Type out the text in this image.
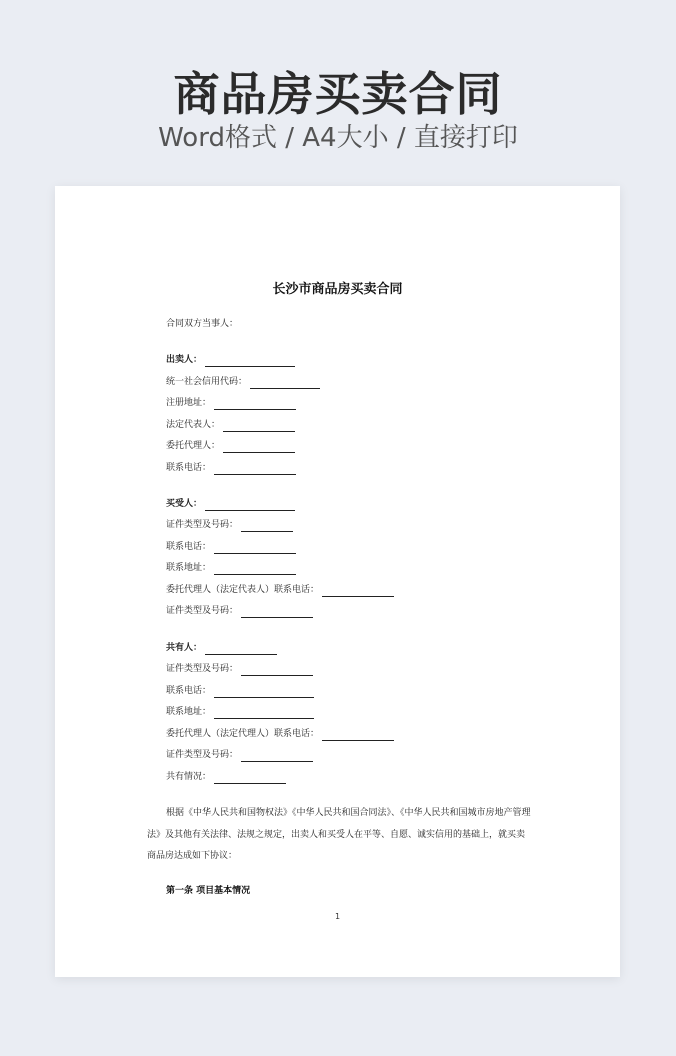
商品房买卖合同
Word格式 / A4大小 / 直接打印
长沙市商品房买卖合同
合同双方当事人：
出卖人：
统一社会信用代码：
注册地址：
法定代表人：
委托代理人：
联系电话：
买受人：
证件类型及号码：
联系电话：
联系地址：
委托代理人（法定代表人）联系电话：
证件类型及号码：
共有人：
证件类型及号码：
联系电话：
联系地址：
委托代理人（法定代理人）联系电话：
证件类型及号码：
共有情况：
根据《中华人民共和国物权法》《中华人民共和国合同法》、《中华人民共和国城市房地产管理法》及其他有关法律、法规之规定，出卖人和买受人在平等、自愿、诚实信用的基础上，就买卖商品房达成如下协议：
第一条 项目基本情况
1
